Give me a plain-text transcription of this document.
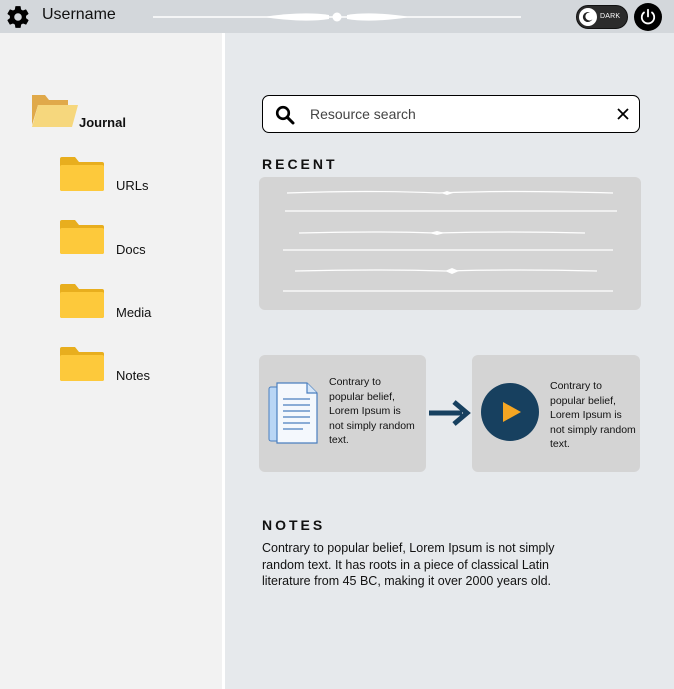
Username	DARK
Journal
URLs
Docs
Media
Notes
Resource search
RECENT
Contrary to popular belief, Lorem Ipsum is not simply random text.
Contrary to popular belief, Lorem Ipsum is not simply random text.
NOTES
Contrary to popular belief, Lorem Ipsum is not simply random text. It has roots in a piece of classical Latin literature from 45 BC, making it over 2000 years old.
